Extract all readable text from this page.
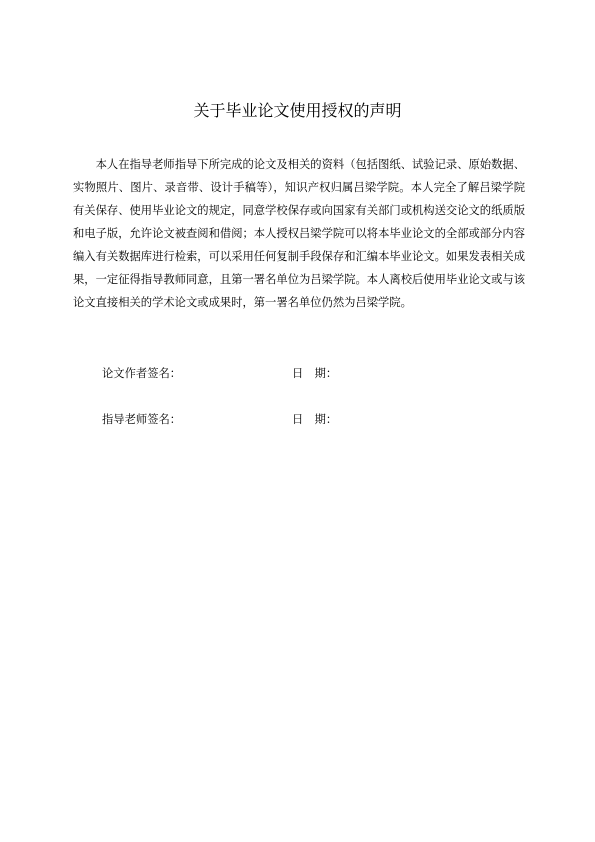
关于毕业论文使用授权的声明

本人在指导老师指导下所完成的论文及相关的资料（包括图纸、试验记录、原始数据、实物照片、图片、录音带、设计手稿等），知识产权归属吕梁学院。本人完全了解吕梁学院有关保存、使用毕业论文的规定，同意学校保存或向国家有关部门或机构送交论文的纸质版和电子版，允许论文被查阅和借阅；本人授权吕梁学院可以将本毕业论文的全部或部分内容编入有关数据库进行检索，可以采用任何复制手段保存和汇编本毕业论文。如果发表相关成果，一定征得指导教师同意，且第一署名单位为吕梁学院。本人离校后使用毕业论文或与该论文直接相关的学术论文或成果时，第一署名单位仍然为吕梁学院。

论文作者签名：	日　期：
指导老师签名：	日　期：
